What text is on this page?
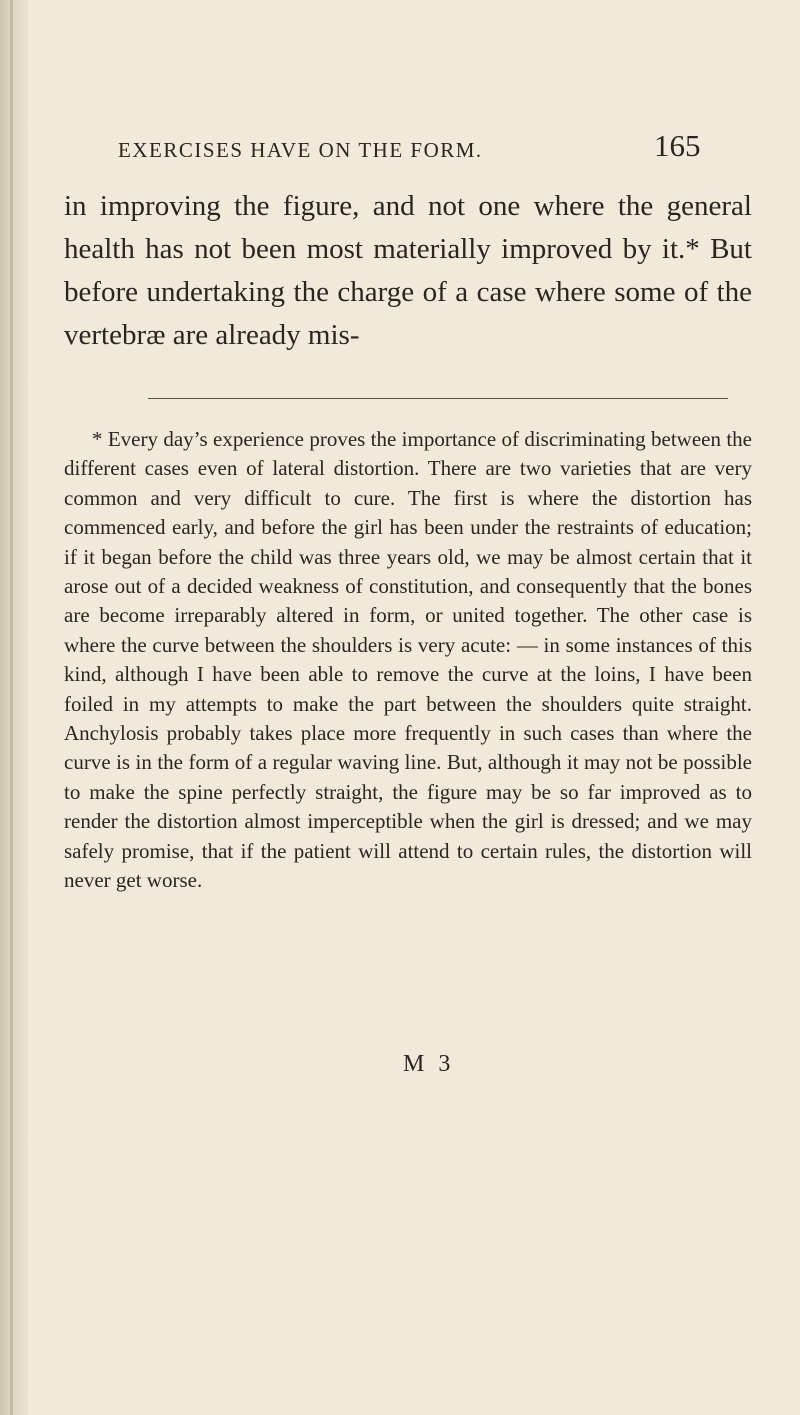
EXERCISES HAVE ON THE FORM.	165
in improving the figure, and not one where the general health has not been most materially improved by it.* But before undertaking the charge of a case where some of the vertebræ are already mis-
* Every day’s experience proves the importance of discriminating between the different cases even of lateral distortion. There are two varieties that are very common and very difficult to cure. The first is where the distortion has commenced early, and before the girl has been under the restraints of education; if it began before the child was three years old, we may be almost certain that it arose out of a decided weakness of constitution, and consequently that the bones are become irreparably altered in form, or united together. The other case is where the curve between the shoulders is very acute: — in some instances of this kind, although I have been able to remove the curve at the loins, I have been foiled in my attempts to make the part between the shoulders quite straight. Anchylosis probably takes place more frequently in such cases than where the curve is in the form of a regular waving line. But, although it may not be possible to make the spine perfectly straight, the figure may be so far improved as to render the distortion almost imperceptible when the girl is dressed; and we may safely promise, that if the patient will attend to certain rules, the distortion will never get worse.
M 3
